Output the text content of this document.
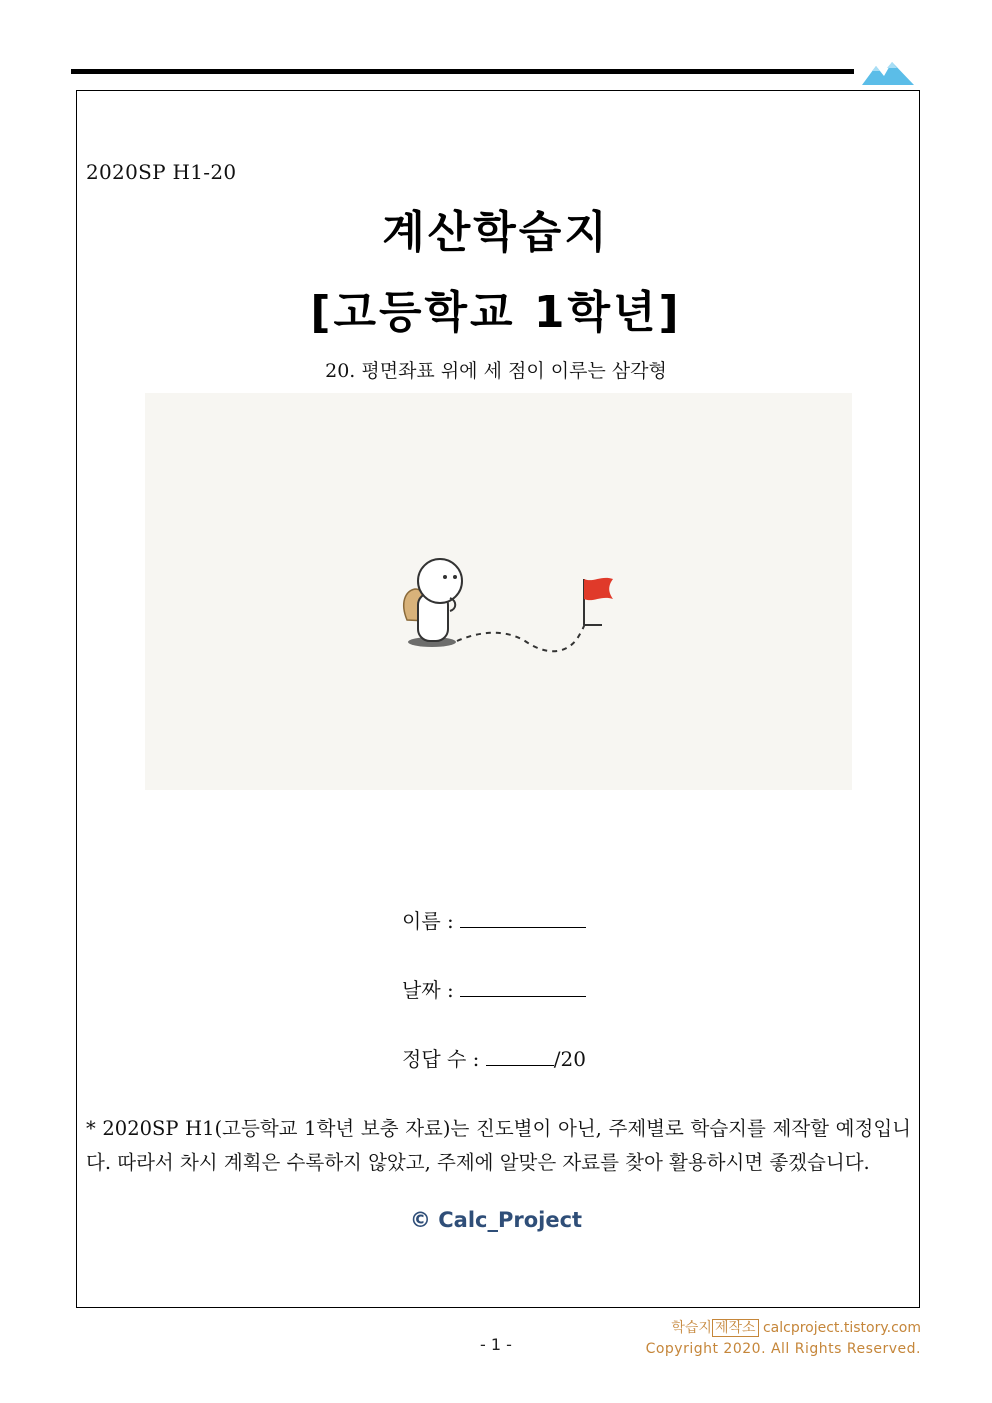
2020SP H1-20
계산학습지
[고등학교 1학년]
20. 평면좌표 위에 세 점이 이루는 삼각형
이름 :
날짜 :
정답 수 :	/20
* 2020SP H1(고등학교 1학년 보충 자료)는 진도별이 아닌, 주제별로 학습지를 제작할 예정입니다. 따라서 차시 계획은 수록하지 않았고, 주제에 알맞은 자료를 찾아 활용하시면 좋겠습니다.
© Calc_Project
- 1 -
학습지 제작소 calcproject.tistory.com
Copyright 2020. All Rights Reserved.
